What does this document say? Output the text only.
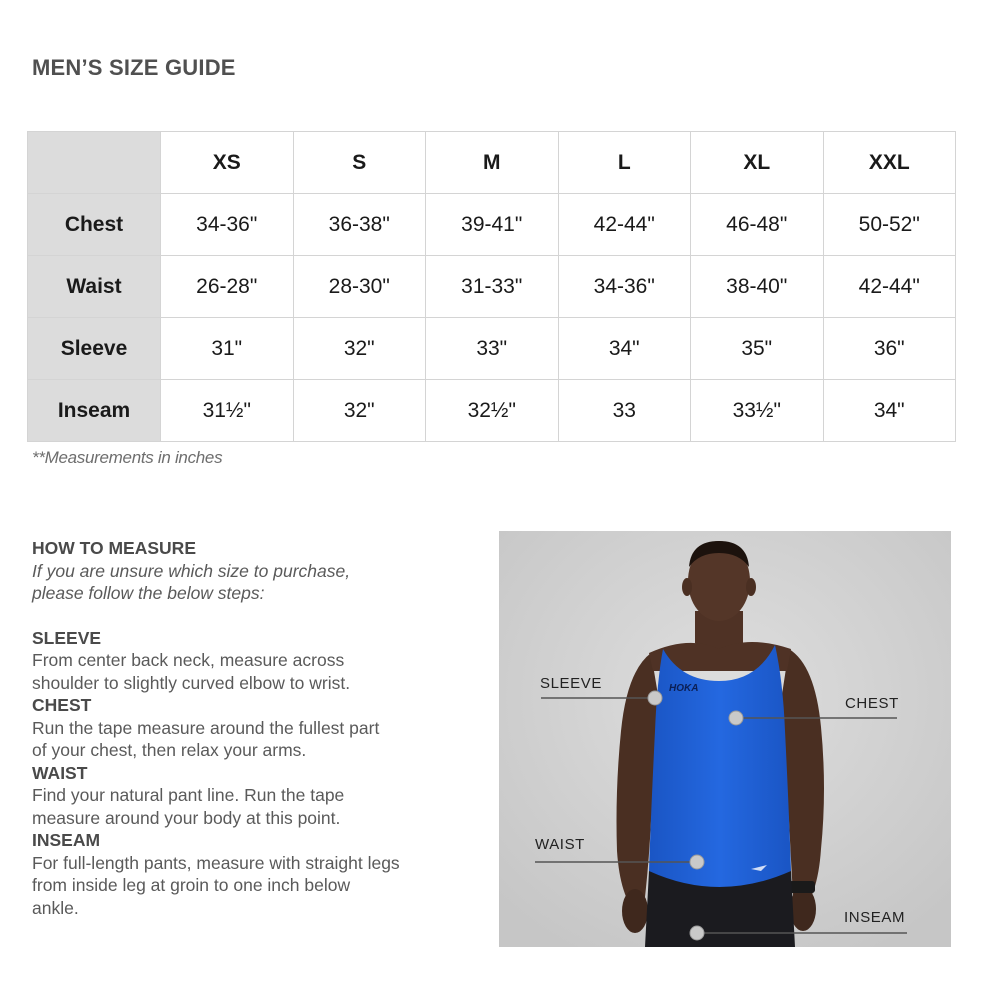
MEN’S SIZE GUIDE
	XS	S	M	L	XL	XXL
Chest	34-36"	36-38"	39-41"	42-44"	46-48"	50-52"
Waist	26-28"	28-30"	31-33"	34-36"	38-40"	42-44"
Sleeve	31"	32"	33"	34"	35"	36"
Inseam	31½"	32"	32½"	33	33½"	34"
**Measurements in inches
HOW TO MEASURE
If you are unsure which size to purchase,
please follow the below steps:
SLEEVE
From center back neck, measure across
shoulder to slightly curved elbow to wrist.
CHEST
Run the tape measure around the fullest part
of your chest, then relax your arms.
WAIST
Find your natural pant line. Run the tape
measure around your body at this point.
INSEAM
For full-length pants, measure with straight legs
from inside leg at groin to one inch below
ankle.
HOKA
SLEEVE
CHEST
WAIST
INSEAM
